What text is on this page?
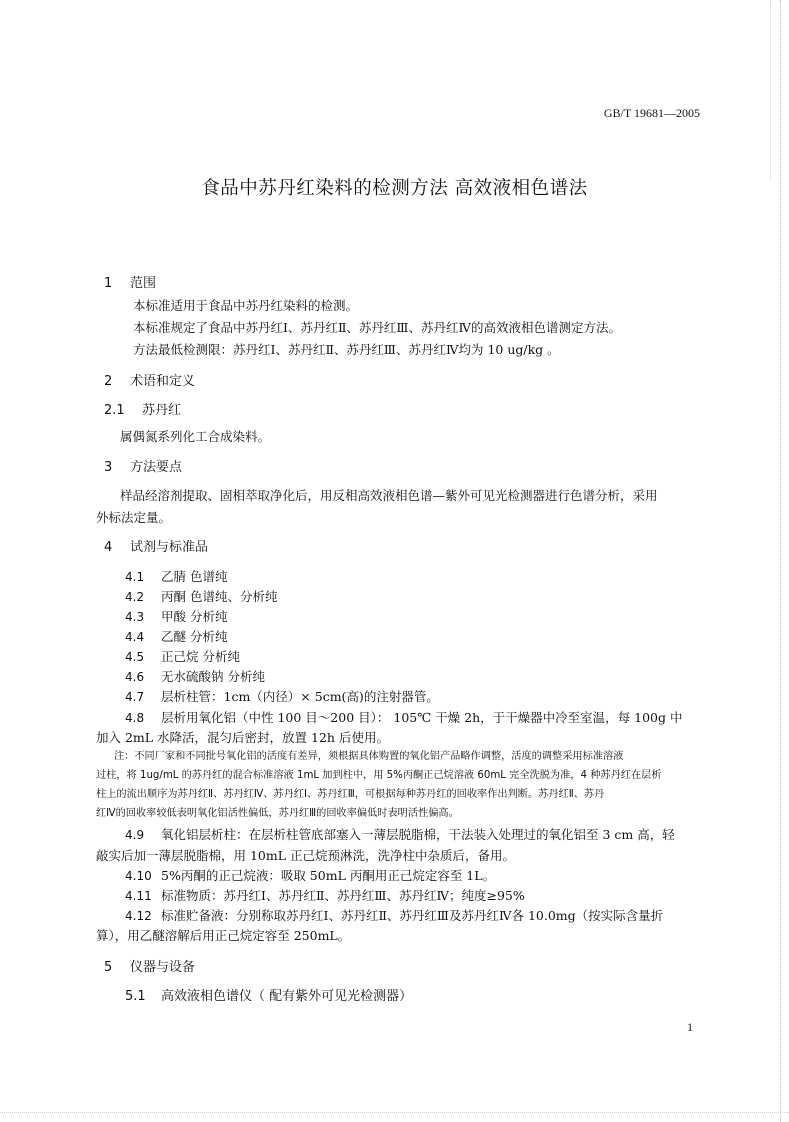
GB/T 19681—2005
食品中苏丹红染料的检测方法 高效液相色谱法
1 范围
本标准适用于食品中苏丹红染料的检测。
本标准规定了食品中苏丹红Ⅰ、苏丹红Ⅱ、苏丹红Ⅲ、苏丹红Ⅳ的高效液相色谱测定方法。
方法最低检测限：苏丹红Ⅰ、苏丹红Ⅱ、苏丹红Ⅲ、苏丹红Ⅳ均为 10 ug/kg 。
2 术语和定义
2.1 苏丹红
属偶氮系列化工合成染料。
3 方法要点
样品经溶剂提取、固相萃取净化后，用反相高效液相色谱—紫外可见光检测器进行色谱分析，采用
外标法定量。
4 试剂与标准品
4.1 乙腈 色谱纯
4.2 丙酮 色谱纯、分析纯
4.3 甲酸 分析纯
4.4 乙醚 分析纯
4.5 正己烷 分析纯
4.6 无水硫酸钠 分析纯
4.7 层析柱管：1cm（内径）× 5cm(高)的注射器管。
4.8 层析用氧化铝（中性 100 目～200 目）： 105℃ 干燥 2h，于干燥器中冷至室温，每 100g 中
加入 2mL 水降活，混匀后密封，放置 12h 后使用。
注：不同厂家和不同批号氧化铝的活度有差异，须根据具体购置的氧化铝产品略作调整，活度的调整采用标准溶液
过柱，将 1ug/mL 的苏丹红的混合标准溶液 1mL 加到柱中，用 5%丙酮正己烷溶液 60mL 完全洗脱为准，4 种苏丹红在层析
柱上的流出顺序为苏丹红Ⅱ、苏丹红Ⅳ、苏丹红Ⅰ、苏丹红Ⅲ，可根据每种苏丹红的回收率作出判断。苏丹红Ⅱ、苏丹
红Ⅳ的回收率较低表明氧化铝活性偏低，苏丹红Ⅲ的回收率偏低时表明活性偏高。
4.9 氧化铝层析柱：在层析柱管底部塞入一薄层脱脂棉，干法装入处理过的氧化铝至 3 cm 高，轻
敲实后加一薄层脱脂棉，用 10mL 正己烷预淋洗，洗净柱中杂质后，备用。
4.10 5%丙酮的正己烷液：吸取 50mL 丙酮用正己烷定容至 1L。
4.11 标准物质：苏丹红Ⅰ、苏丹红Ⅱ、苏丹红Ⅲ、苏丹红Ⅳ；纯度≥95%
4.12 标准贮备液：分别称取苏丹红Ⅰ、苏丹红Ⅱ、苏丹红Ⅲ及苏丹红Ⅳ各 10.0mg（按实际含量折
算），用乙醚溶解后用正己烷定容至 250mL。
5 仪器与设备
5.1 高效液相色谱仪（ 配有紫外可见光检测器）
1
